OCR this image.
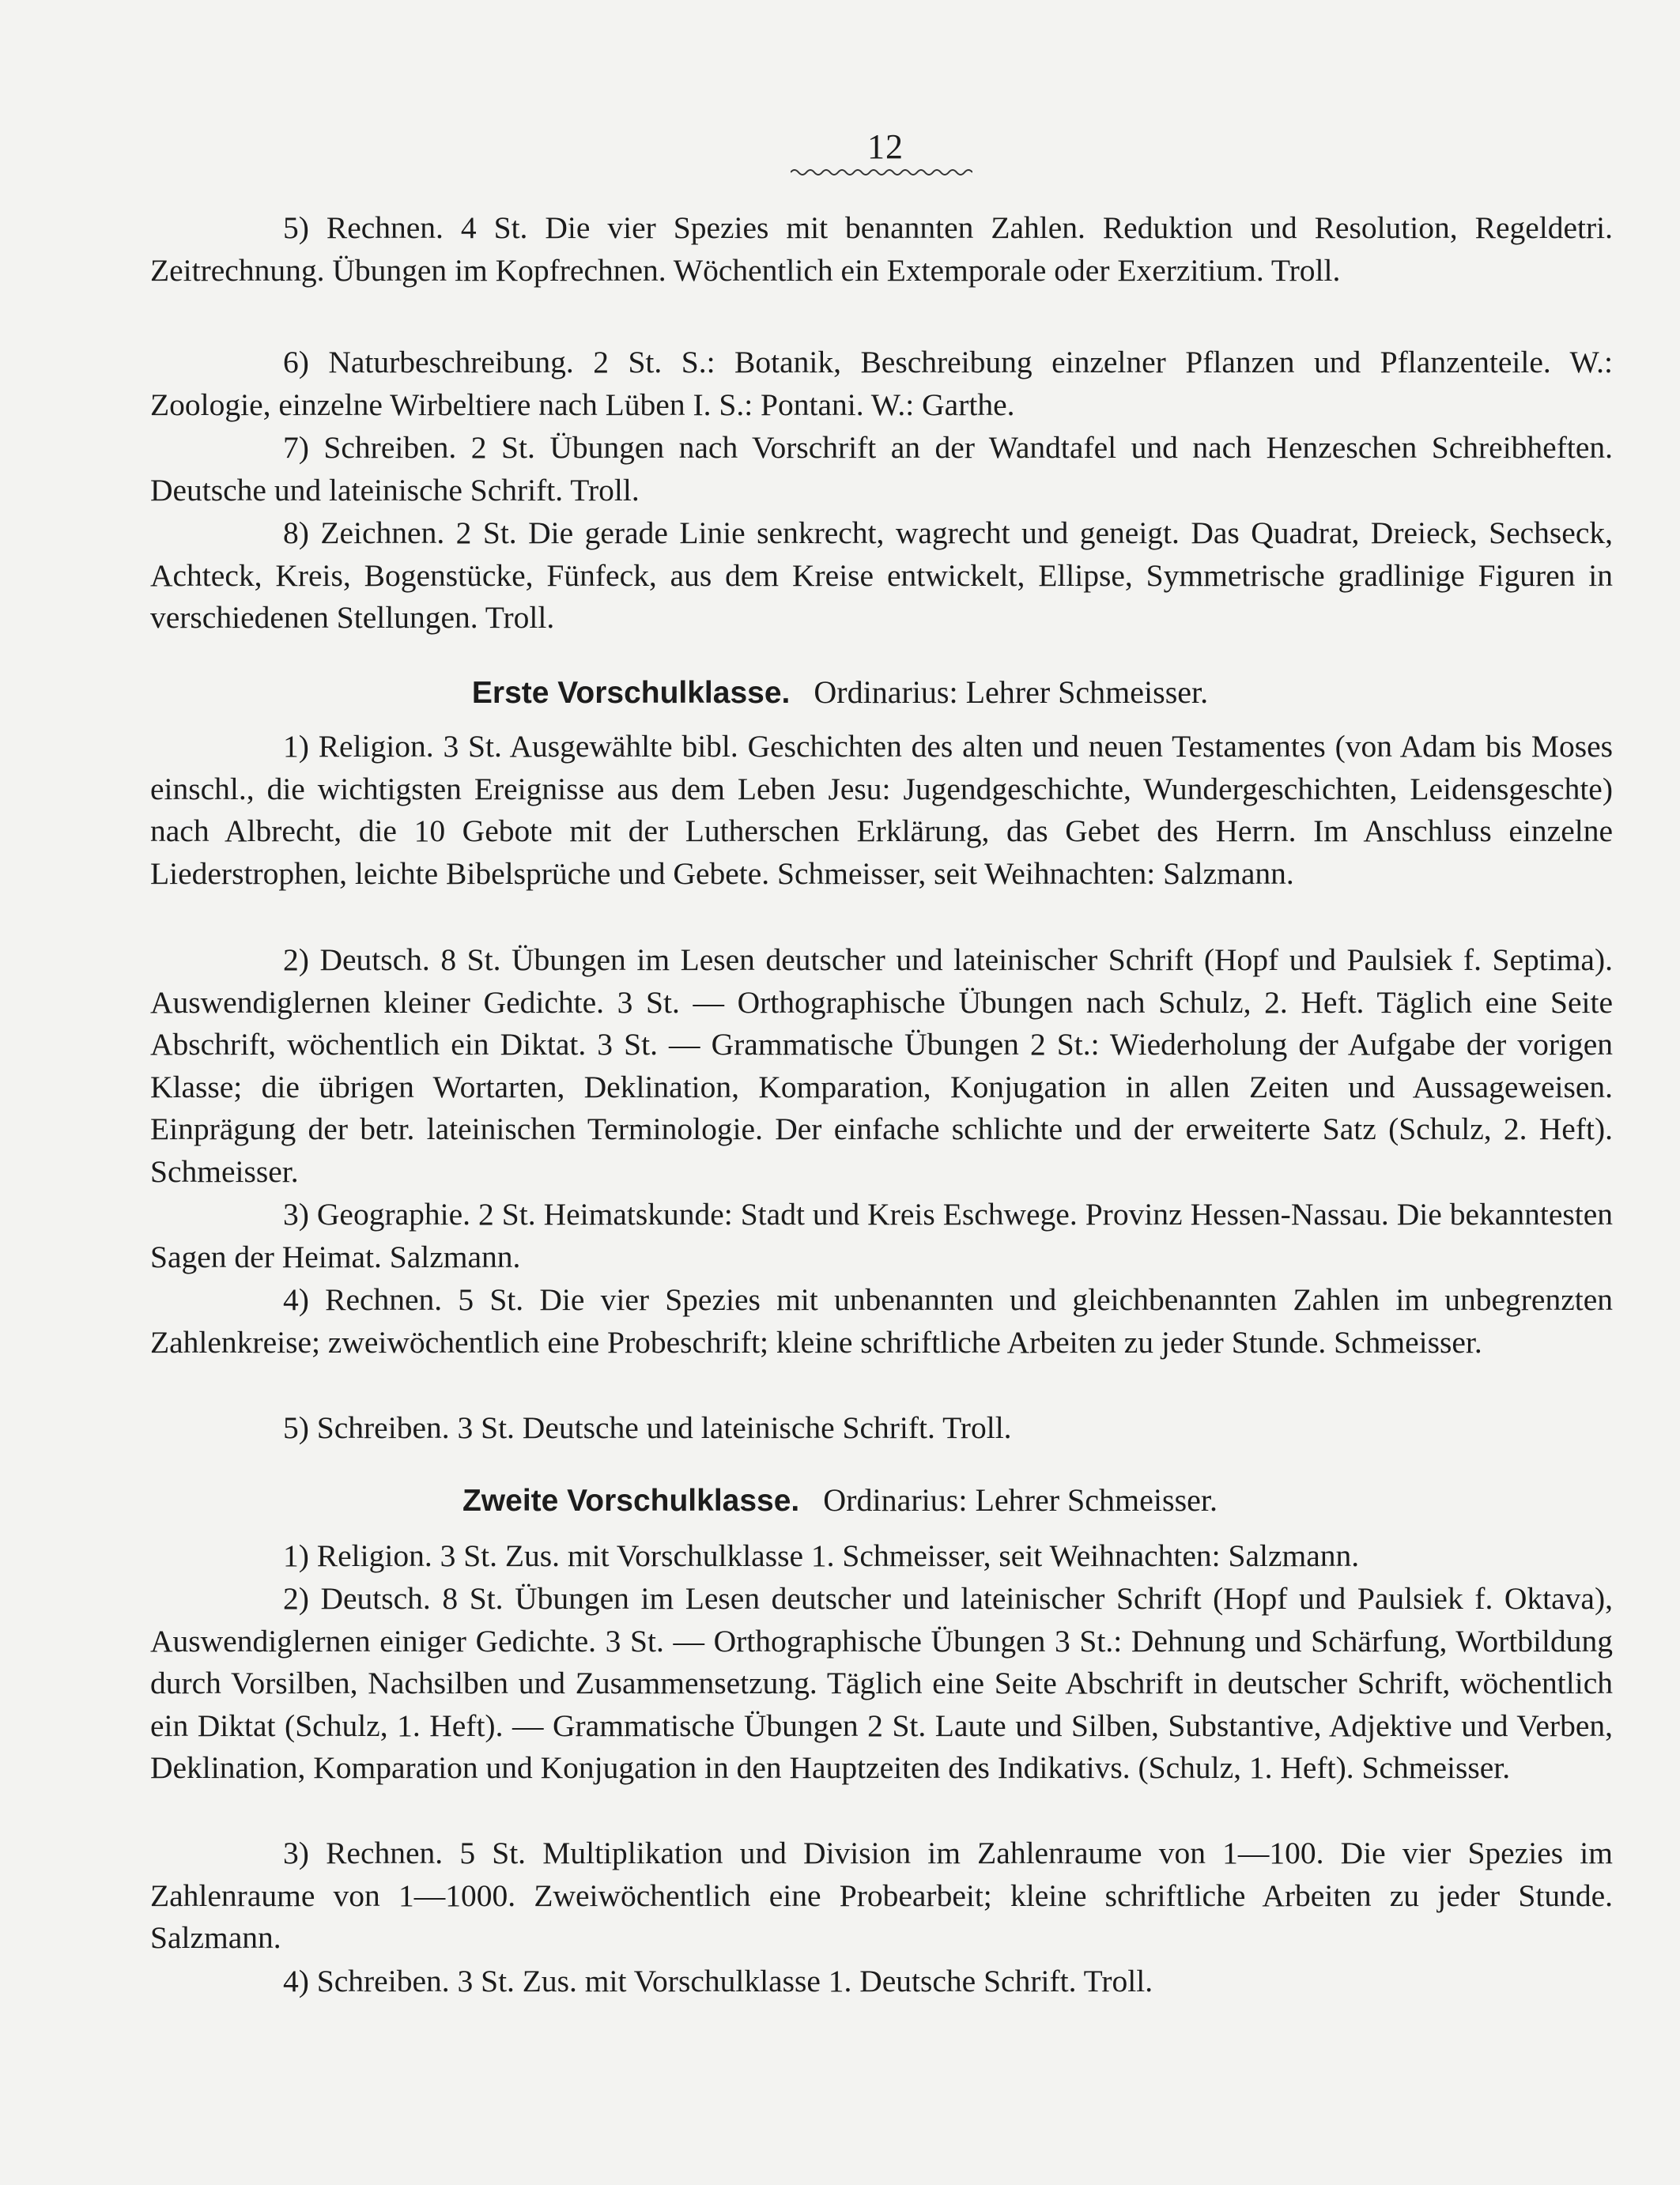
12

5) Rechnen. 4 St. Die vier Spezies mit benannten Zahlen. Reduktion und Resolution, Regeldetri. Zeitrechnung. Übungen im Kopfrechnen. Wöchentlich ein Extemporale oder Exerzitium. Troll.

6) Naturbeschreibung. 2 St. S.: Botanik, Beschreibung einzelner Pflanzen und Pflanzenteile. W.: Zoologie, einzelne Wirbeltiere nach Lüben I. S.: Pontani. W.: Garthe.

7) Schreiben. 2 St. Übungen nach Vorschrift an der Wandtafel und nach Henzeschen Schreibheften. Deutsche und lateinische Schrift. Troll.

8) Zeichnen. 2 St. Die gerade Linie senkrecht, wagrecht und geneigt. Das Quadrat, Dreieck, Sechseck, Achteck, Kreis, Bogenstücke, Fünfeck, aus dem Kreise entwickelt, Ellipse, Symmetrische gradlinige Figuren in verschiedenen Stellungen. Troll.

Erste Vorschulklasse. Ordinarius: Lehrer Schmeisser.

1) Religion. 3 St. Ausgewählte bibl. Geschichten des alten und neuen Testamentes (von Adam bis Moses einschl., die wichtigsten Ereignisse aus dem Leben Jesu: Jugendgeschichte, Wundergeschichten, Leidensgeschte) nach Albrecht, die 10 Gebote mit der Lutherschen Erklärung, das Gebet des Herrn. Im Anschluss einzelne Liederstrophen, leichte Bibelsprüche und Gebete. Schmeisser, seit Weihnachten: Salzmann.

2) Deutsch. 8 St. Übungen im Lesen deutscher und lateinischer Schrift (Hopf und Paulsiek f. Septima). Auswendiglernen kleiner Gedichte. 3 St. — Orthographische Übungen nach Schulz, 2. Heft. Täglich eine Seite Abschrift, wöchentlich ein Diktat. 3 St. — Grammatische Übungen 2 St.: Wiederholung der Aufgabe der vorigen Klasse; die übrigen Wortarten, Deklination, Komparation, Konjugation in allen Zeiten und Aussageweisen. Einprägung der betr. lateinischen Terminologie. Der einfache schlichte und der erweiterte Satz (Schulz, 2. Heft). Schmeisser.

3) Geographie. 2 St. Heimatskunde: Stadt und Kreis Eschwege. Provinz Hessen-Nassau. Die bekanntesten Sagen der Heimat. Salzmann.

4) Rechnen. 5 St. Die vier Spezies mit unbenannten und gleichbenannten Zahlen im unbegrenzten Zahlenkreise; zweiwöchentlich eine Probeschrift; kleine schriftliche Arbeiten zu jeder Stunde. Schmeisser.

5) Schreiben. 3 St. Deutsche und lateinische Schrift. Troll.

Zweite Vorschulklasse. Ordinarius: Lehrer Schmeisser.

1) Religion. 3 St. Zus. mit Vorschulklasse 1. Schmeisser, seit Weihnachten: Salzmann.

2) Deutsch. 8 St. Übungen im Lesen deutscher und lateinischer Schrift (Hopf und Paulsiek f. Oktava), Auswendiglernen einiger Gedichte. 3 St. — Orthographische Übungen 3 St.: Dehnung und Schärfung, Wortbildung durch Vorsilben, Nachsilben und Zusammensetzung. Täglich eine Seite Abschrift in deutscher Schrift, wöchentlich ein Diktat (Schulz, 1. Heft). — Grammatische Übungen 2 St. Laute und Silben, Substantive, Adjektive und Verben, Deklination, Komparation und Konjugation in den Hauptzeiten des Indikativs. (Schulz, 1. Heft). Schmeisser.

3) Rechnen. 5 St. Multiplikation und Division im Zahlenraume von 1—100. Die vier Spezies im Zahlenraume von 1—1000. Zweiwöchentlich eine Probearbeit; kleine schriftliche Arbeiten zu jeder Stunde. Salzmann.

4) Schreiben. 3 St. Zus. mit Vorschulklasse 1. Deutsche Schrift. Troll.
